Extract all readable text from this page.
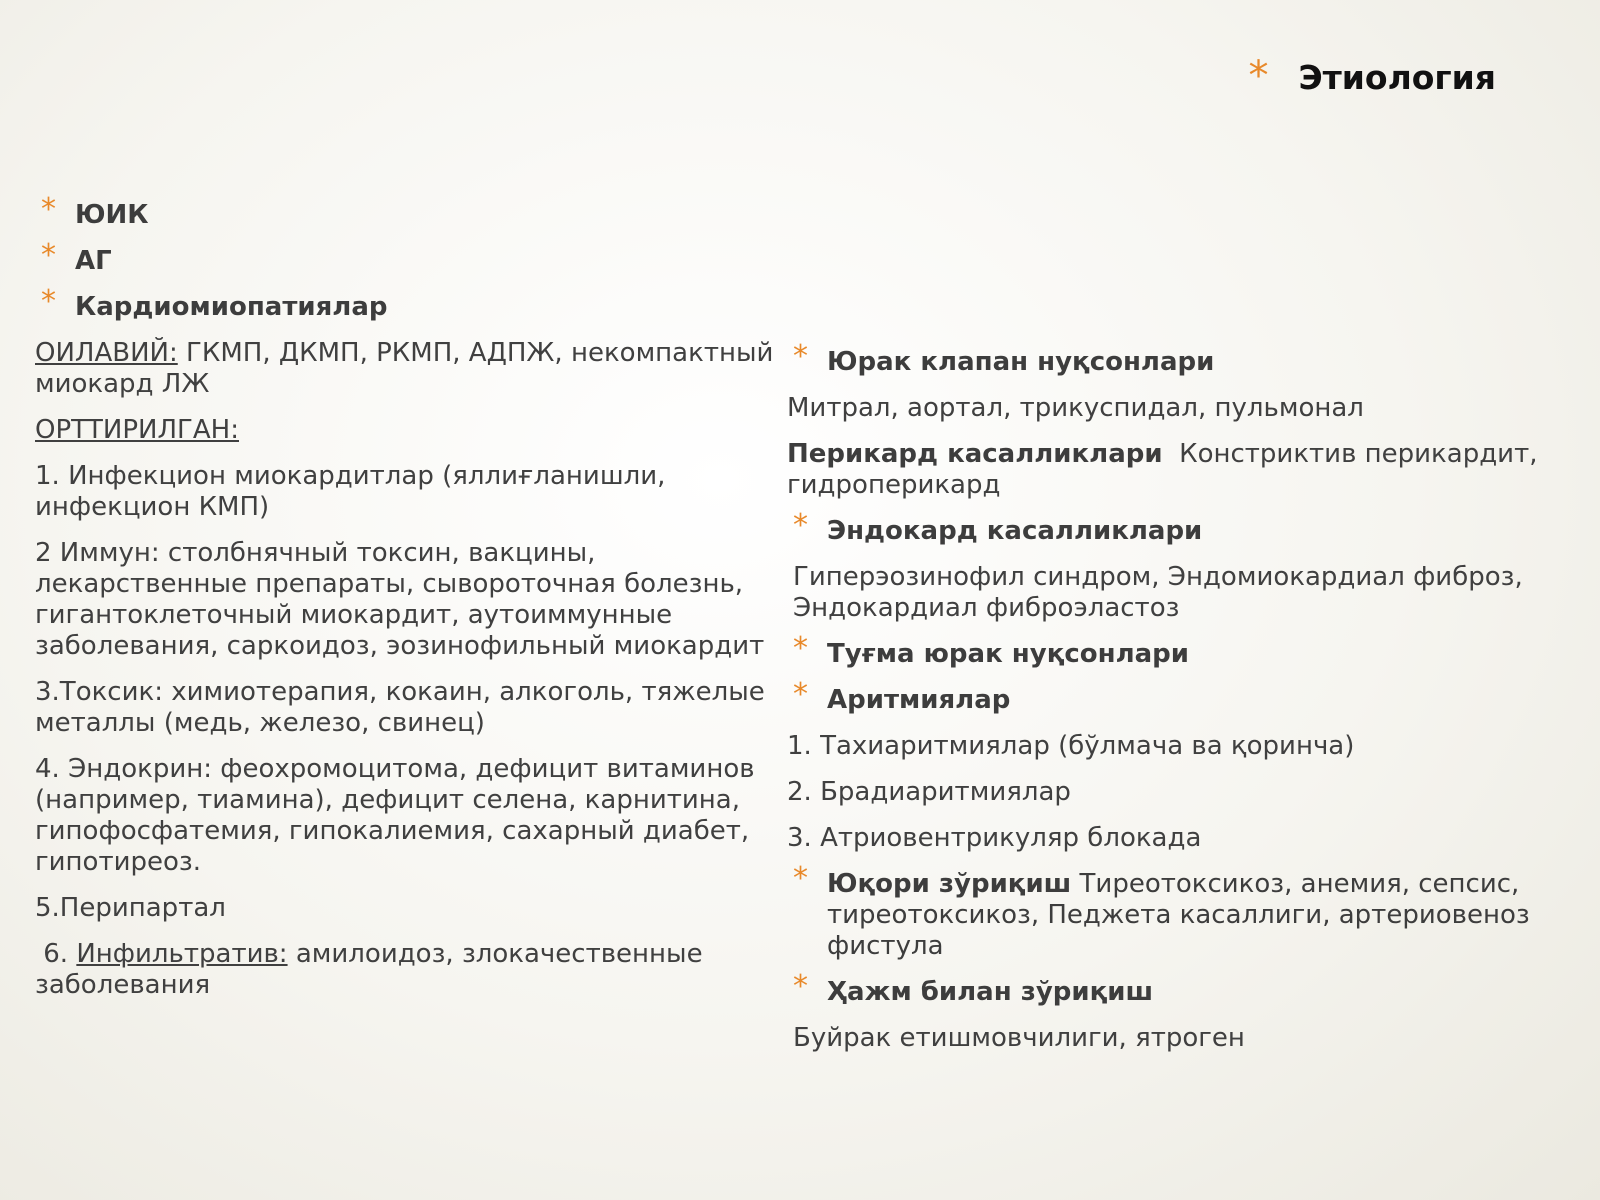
* Этиология
* ЮИК
* АГ
* Кардиомиопатиялар
ОИЛАВИЙ: ГКМП, ДКМП, РКМП, АДПЖ, некомпактный миокард ЛЖ
ОРТТИРИЛГАН:
1. Инфекцион миокардитлар (яллиғланишли, инфекцион КМП)
2 Иммун: столбнячный токсин, вакцины, лекарственные препараты, сывороточная болезнь, гигантоклеточный миокардит, аутоиммунные заболевания, саркоидоз, эозинофильный миокардит
3.Токсик: химиотерапия, кокаин, алкоголь, тяжелые металлы (медь, железо, свинец)
4. Эндокрин: феохромоцитома, дефицит витаминов (например, тиамина), дефицит селена, карнитина, гипофосфатемия, гипокалиемия, сахарный диабет, гипотиреоз.
5.Перипартал
6. Инфильтратив: амилоидоз, злокачественные заболевания
* Юрак клапан нуқсонлари
Митрал, аортал, трикуспидал, пульмонал
Перикард касалликлари  Констриктив перикардит, гидроперикард
* Эндокард касалликлари
Гиперэозинофил синдром, Эндомиокардиал фиброз, Эндокардиал фиброэластоз
* Туғма юрак нуқсонлари
* Аритмиялар
1. Тахиаритмиялар (бўлмача ва қоринча)
2. Брадиаритмиялар
3. Атриовентрикуляр блокада
* Юқори зўриқиш Тиреотоксикоз, анемия, сепсис, тиреотоксикоз, Педжета касаллиги, артериовеноз фистула
* Ҳажм билан зўриқиш
Буйрак етишмовчилиги, ятроген
